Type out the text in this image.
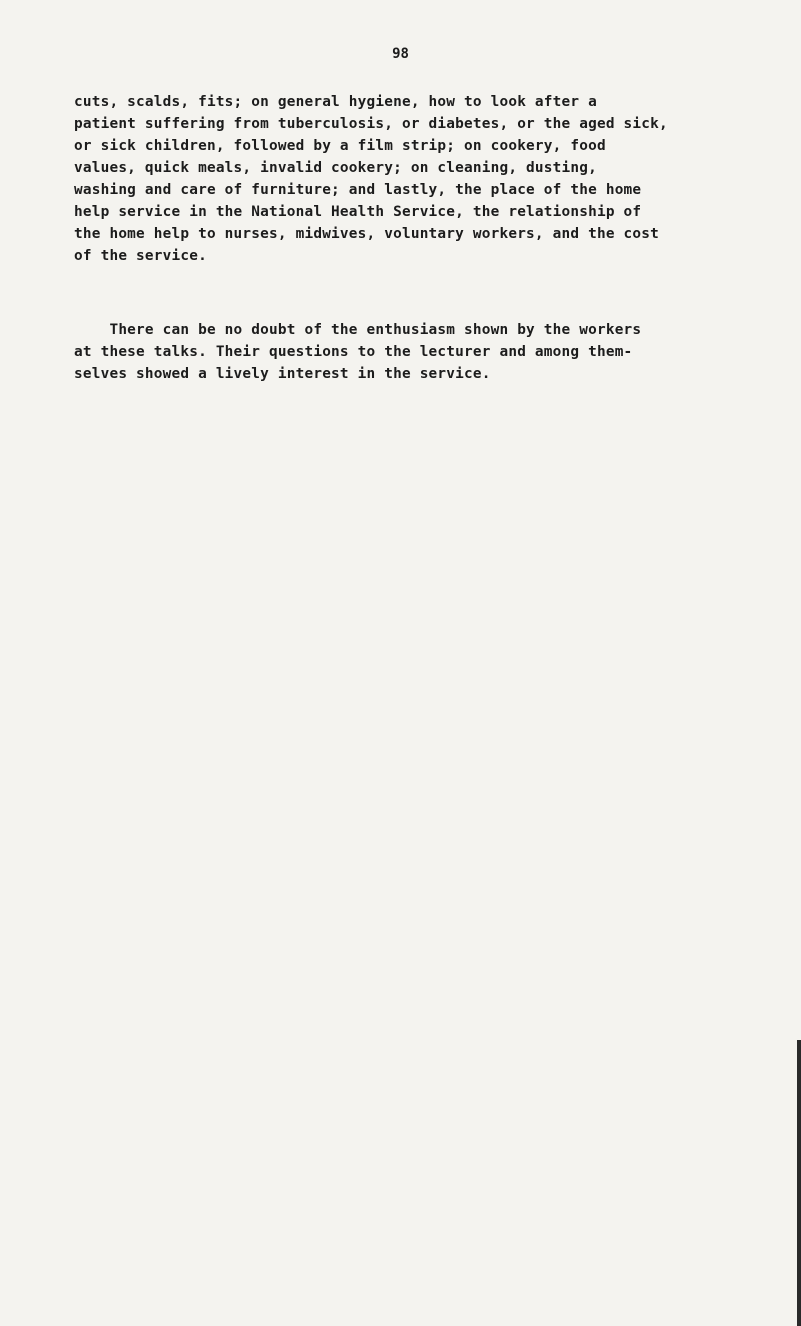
98
cuts, scalds, fits; on general hygiene, how to look after a
patient suffering from tuberculosis, or diabetes, or the aged sick,
or sick children, followed by a film strip; on cookery, food
values, quick meals, invalid cookery; on cleaning, dusting,
washing and care of furniture; and lastly, the place of the home
help service in the National Health Service, the relationship of
the home help to nurses, midwives, voluntary workers, and the cost
of the service.
There can be no doubt of the enthusiasm shown by the workers
at these talks. Their questions to the lecturer and among them-
selves showed a lively interest in the service.
